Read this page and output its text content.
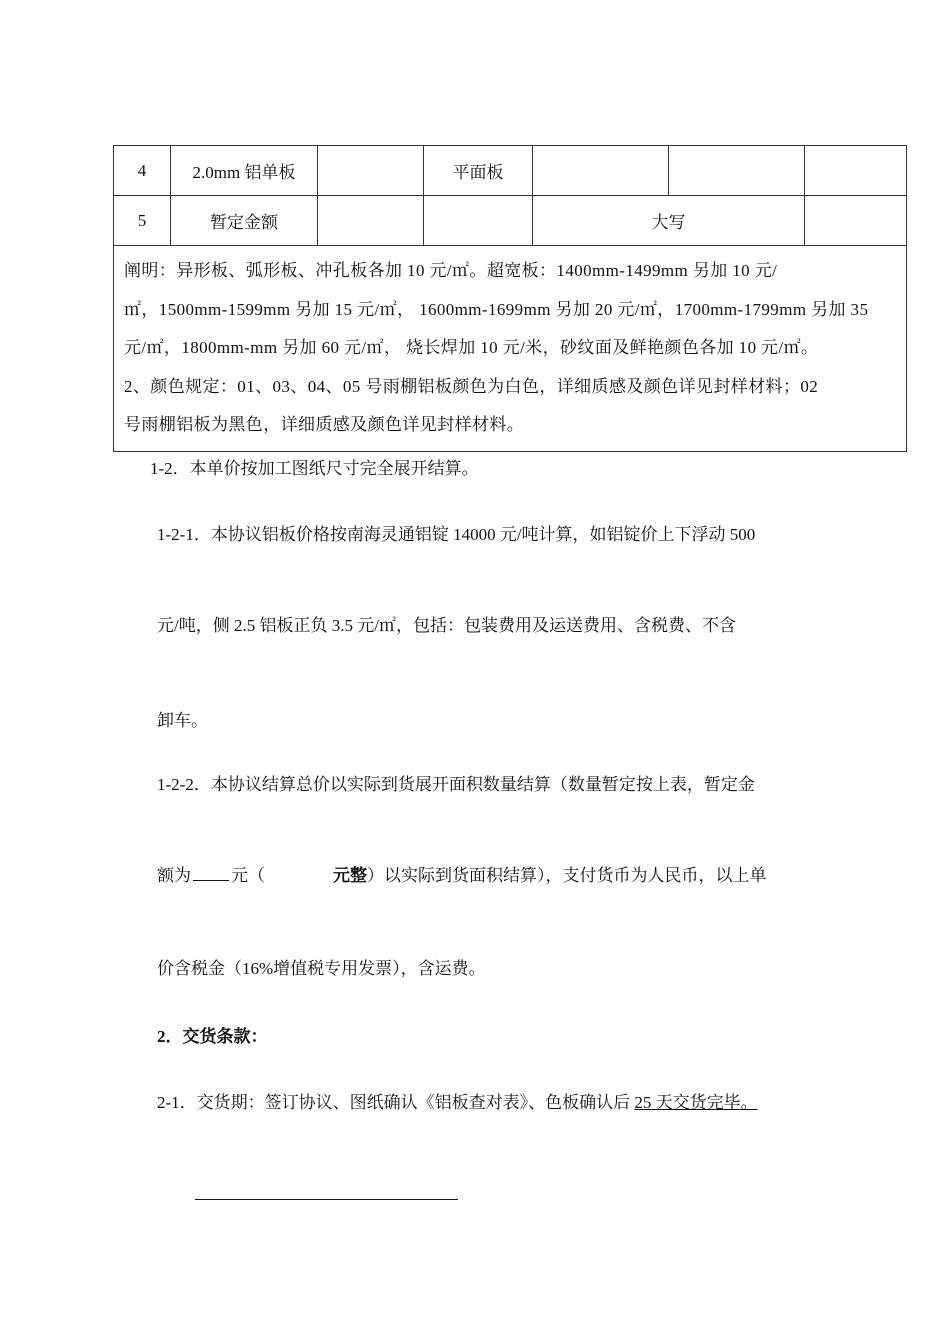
4	2.0mm 铝单板		平面板			
5	暂定金额			大写		

阐明：异形板、弧形板、冲孔板各加 10 元/㎡。超宽板：1400mm-1499mm 另加 10 元/
㎡，1500mm-1599mm 另加 15 元/㎡， 1600mm-1699mm 另加 20 元/㎡，1700mm-1799mm 另加 35
元/㎡，1800mm-mm 另加 60 元/㎡， 烧长焊加 10 元/米，砂纹面及鲜艳颜色各加 10 元/㎡。
2、颜色规定：01、03、04、05 号雨棚铝板颜色为白色，详细质感及颜色详见封样材料；02
号雨棚铝板为黑色，详细质感及颜色详见封样材料。						
1-2．本单价按加工图纸尺寸完全展开结算。
1-2-1．本协议铝板价格按南海灵通铝锭 14000 元/吨计算，如铝锭价上下浮动 500
元/吨，侧 2.5 铝板正负 3.5 元/㎡，包括：包装费用及运送费用、含税费、不含
卸车。
1-2-2．本协议结算总价以实际到货展开面积数量结算（数量暂定按上表，暂定金
额为 元（	元整）以实际到货面积结算），支付货币为人民币，以上单
价含税金（16%增值税专用发票），含运费。
2．交货条款：
2-1．交货期：签订协议、图纸确认《铝板查对表》、色板确认后 25 天交货完毕。
